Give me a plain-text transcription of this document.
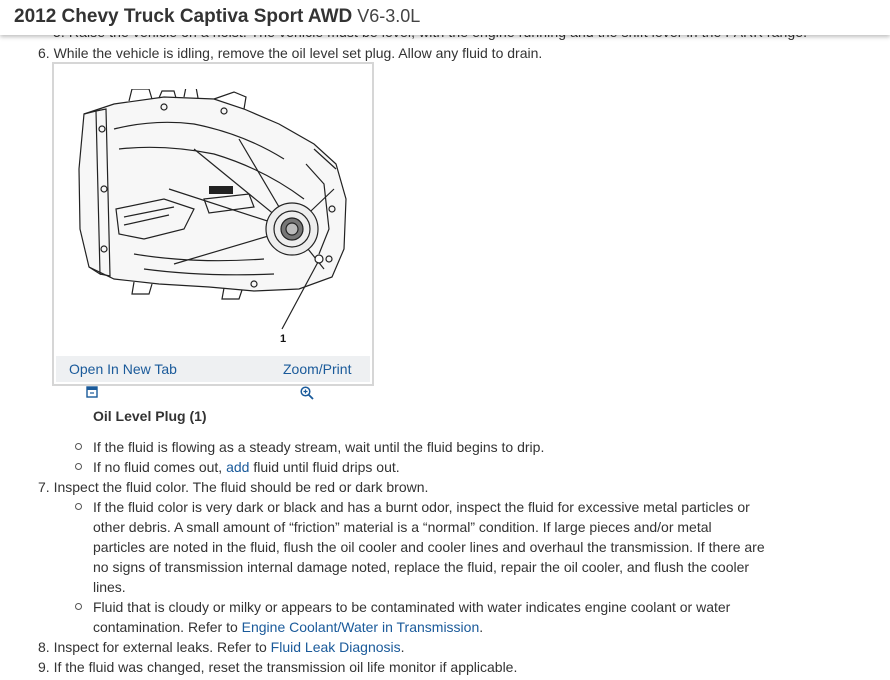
6. While the vehicle is idling, remove the oil level set plug. Allow any fluid to drain.
1
Open In New Tab	Zoom/Print
Oil Level Plug (1)
If the fluid is flowing as a steady stream, wait until the fluid begins to drip.
If no fluid comes out, add fluid until fluid drips out.
7. Inspect the fluid color. The fluid should be red or dark brown.
If the fluid color is very dark or black and has a burnt odor, inspect the fluid for excessive metal particles or
other debris. A small amount of “friction” material is a “normal” condition. If large pieces and/or metal
particles are noted in the fluid, flush the oil cooler and cooler lines and overhaul the transmission. If there are
no signs of transmission internal damage noted, replace the fluid, repair the oil cooler, and flush the cooler
lines.
Fluid that is cloudy or milky or appears to be contaminated with water indicates engine coolant or water
contamination. Refer to Engine Coolant/Water in Transmission.
8. Inspect for external leaks. Refer to Fluid Leak Diagnosis.
9. If the fluid was changed, reset the transmission oil life monitor if applicable.
2012 Chevy Truck Captiva Sport AWD V6-3.0L
